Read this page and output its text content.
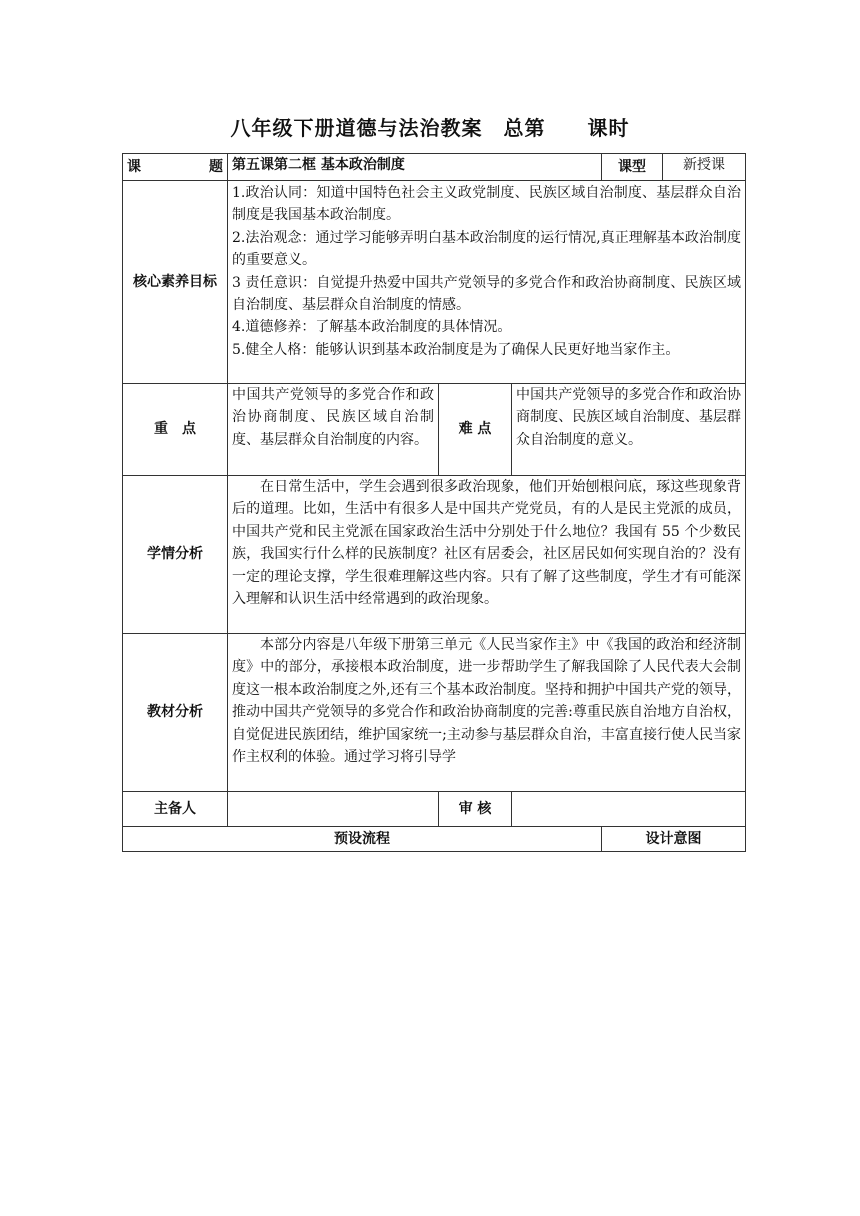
八年级下册道德与法治教案　总第　　课时
课　　题	第五课第二框 基本政治制度			课型	新授课
核心素养目标	1.政治认同：知道中国特色社会主义政党制度、民族区域自治制度、基层群众自治制度是我国基本政治制度。
2.法治观念：通过学习能够弄明白基本政治制度的运行情况,真正理解基本政治制度的重要意义。
3 责任意识：自觉提升热爱中国共产党领导的多党合作和政治协商制度、民族区域自治制度、基层群众自治制度的情感。
4.道德修养：了解基本政治制度的具体情况。
5.健全人格：能够认识到基本政治制度是为了确保人民更好地当家作主。				

重　点	中国共产党领导的多党合作和政治协商制度、民族区域自治制度、基层群众自治制度的内容。	难 点	中国共产党领导的多党合作和政治协商制度、民族区域自治制度、基层群众自治制度的意义。		
学情分析	在日常生活中，学生会遇到很多政治现象，他们开始刨根问底，琢这些现象背后的道理。比如，生活中有很多人是中国共产党党员，有的人是民主党派的成员，中国共产党和民主党派在国家政治生活中分别处于什么地位？我国有 55 个少数民族，我国实行什么样的民族制度？社区有居委会，社区居民如何实现自治的？没有一定的理论支撑，学生很难理解这些内容。只有了解了这些制度，学生才有可能深入理解和认识生活中经常遇到的政治现象。				
教材分析	本部分内容是八年级下册第三单元《人民当家作主》中《我国的政治和经济制度》中的部分，承接根本政治制度，进一步帮助学生了解我国除了人民代表大会制度这一根本政治制度之外,还有三个基本政治制度。坚持和拥护中国共产党的领导，推动中国共产党领导的多党合作和政治协商制度的完善:尊重民族自治地方自治权，自觉促进民族团结，维护国家统一;主动参与基层群众自治，丰富直接行使人民当家作主权利的体验。通过学习将引导学				
主备人		审 核			
预设流程				设计意图	
